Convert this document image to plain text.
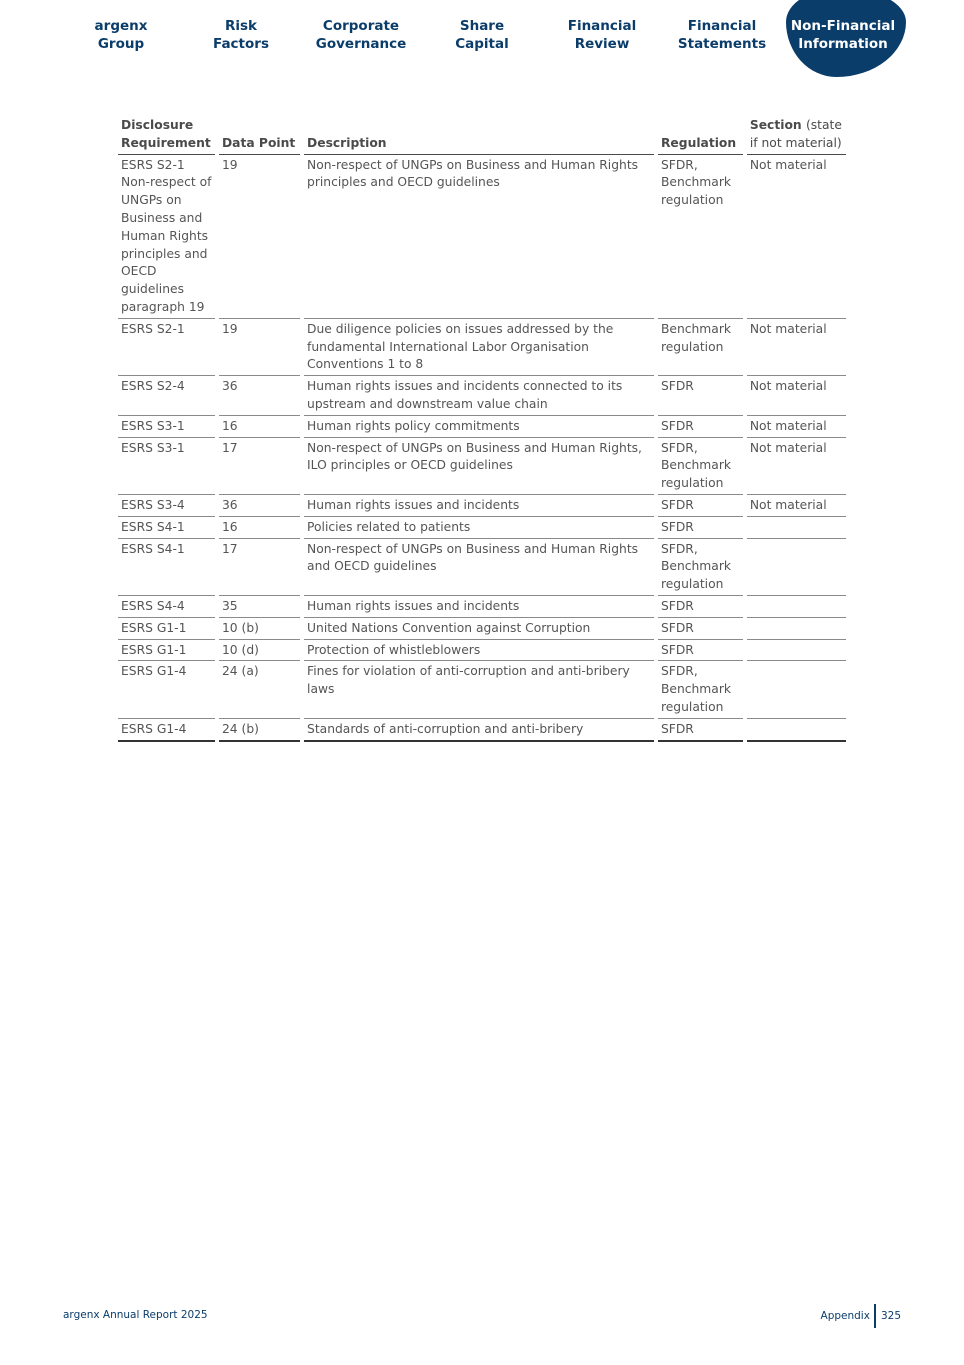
argenx
Group
Risk
Factors
Corporate
Governance
Share
Capital
Financial
Review
Financial
Statements
Non-Financial
Information
Disclosure Requirement	Data Point	Description	Regulation	Section (state if not material)
ESRS S2-1 Non-respect of UNGPs on Business and Human Rights principles and OECD guidelines paragraph 19	19	Non-respect of UNGPs on Business and Human Rights principles and OECD guidelines	SFDR, Benchmark regulation	Not material
ESRS S2-1	19	Due diligence policies on issues addressed by the fundamental International Labor Organisation Conventions 1 to 8	Benchmark regulation	Not material
ESRS S2-4	36	Human rights issues and incidents connected to its upstream and downstream value chain	SFDR	Not material
ESRS S3-1	16	Human rights policy commitments	SFDR	Not material
ESRS S3-1	17	Non-respect of UNGPs on Business and Human Rights, ILO principles or OECD guidelines	SFDR, Benchmark regulation	Not material
ESRS S3-4	36	Human rights issues and incidents	SFDR	Not material
ESRS S4-1	16	Policies related to patients	SFDR	
ESRS S4-1	17	Non-respect of UNGPs on Business and Human Rights and OECD guidelines	SFDR, Benchmark regulation	
ESRS S4-4	35	Human rights issues and incidents	SFDR	
ESRS G1-1	10 (b)	United Nations Convention against Corruption	SFDR	
ESRS G1-1	10 (d)	Protection of whistleblowers	SFDR	
ESRS G1-4	24 (a)	Fines for violation of anti-corruption and anti-bribery laws	SFDR, Benchmark regulation	
ESRS G1-4	24 (b)	Standards of anti-corruption and anti-bribery	SFDR	
argenx Annual Report 2025	Appendix 325
